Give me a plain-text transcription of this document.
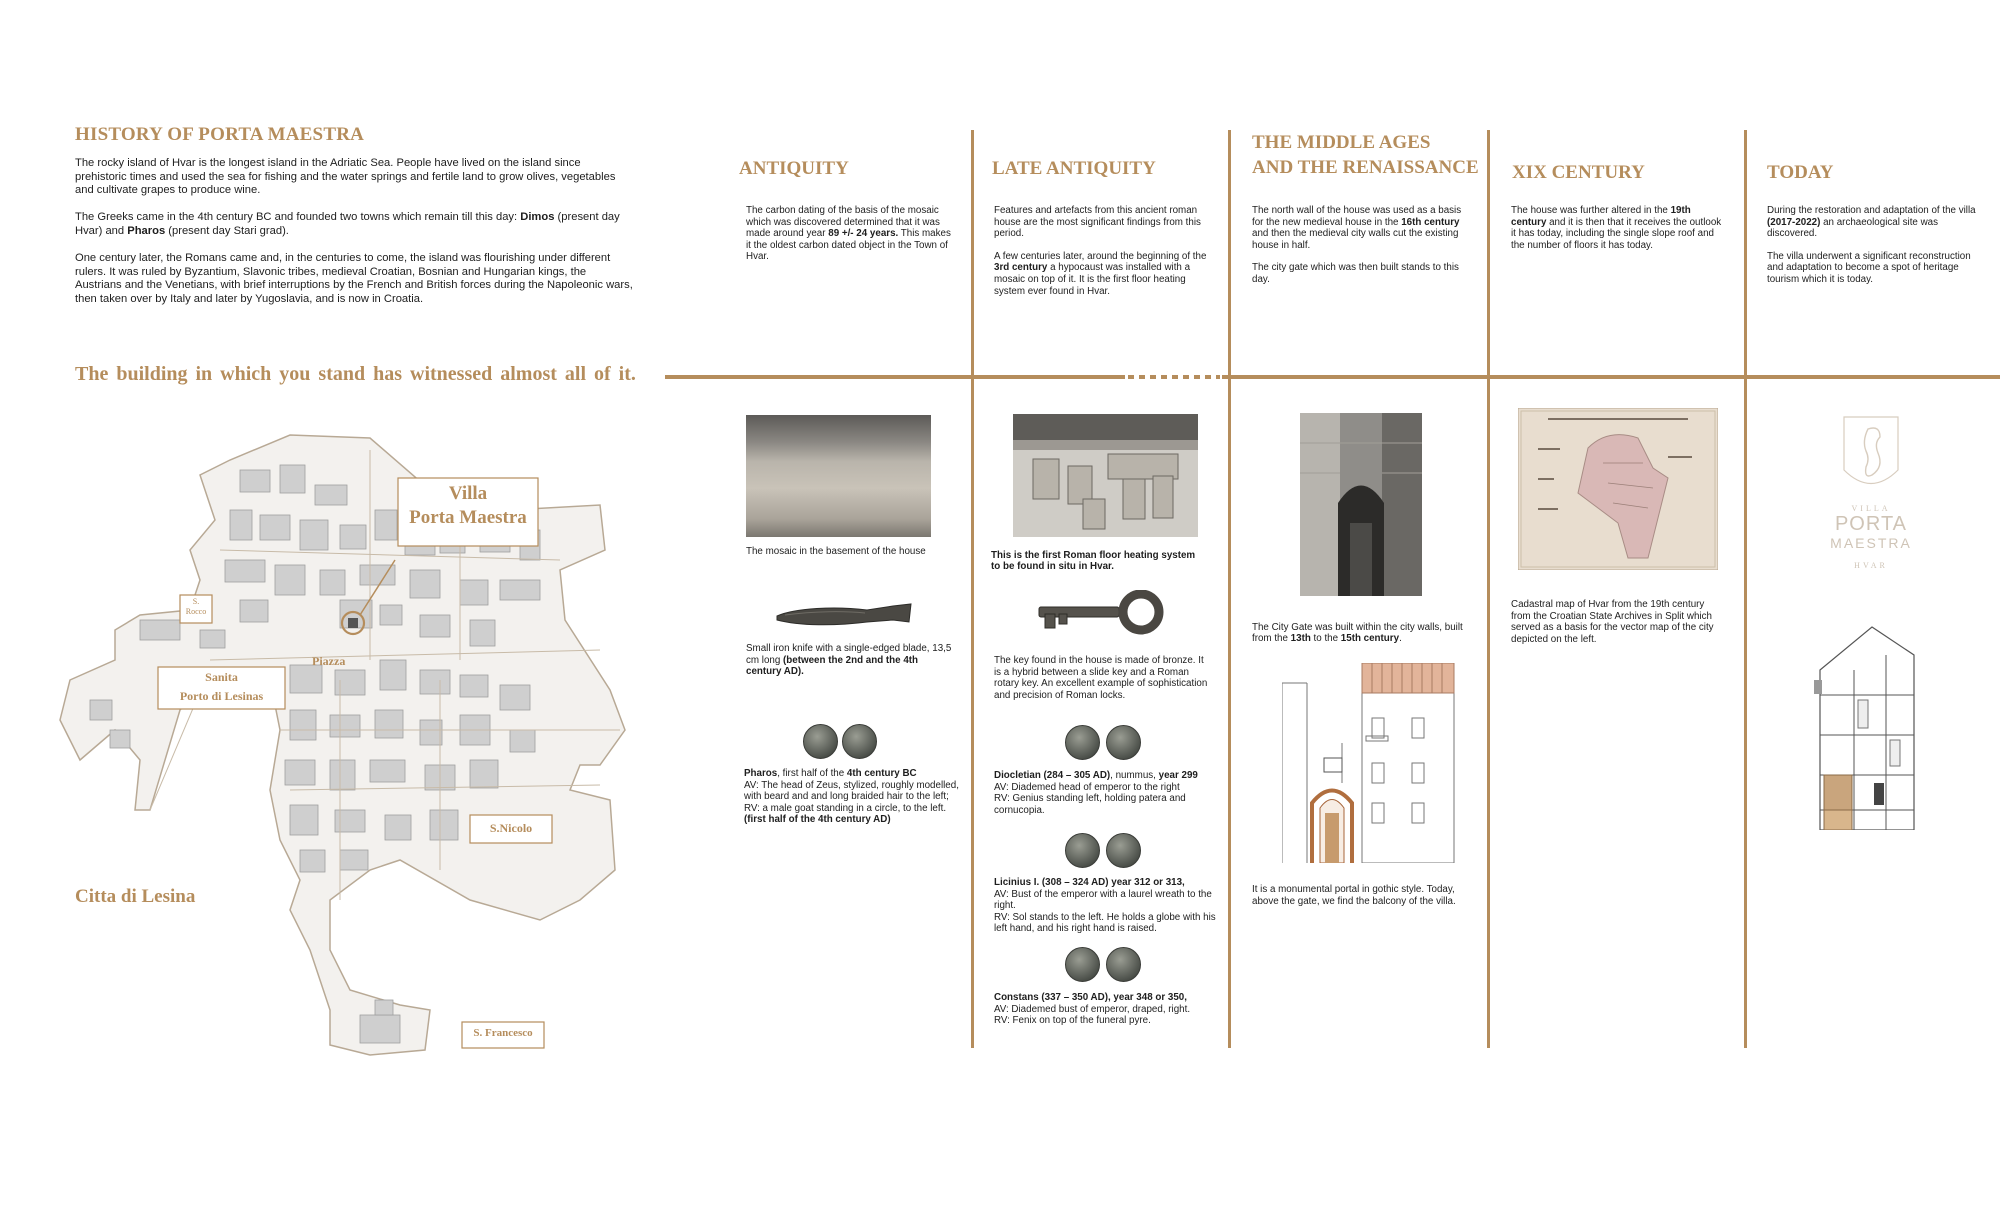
HISTORY OF PORTA MAESTRA

The rocky island of Hvar is the longest island in the Adriatic Sea. People have lived on the island since prehistoric times and used the sea for fishing and the water springs and fertile land to grow olives, vegetables and cultivate grapes to produce wine.

The Greeks came in the 4th century BC and founded two towns which remain till this day: Dimos (present day Hvar) and Pharos (present day Stari grad).

One century later, the Romans came and, in the centuries to come, the island was flourishing under different rulers. It was ruled by Byzantium, Slavonic tribes, medieval Croatian, Bosnian and Hungarian kings, the Austrians and the Venetians, with brief interruptions by the French and British forces during the Napoleonic wars, then taken over by Italy and later by Yugoslavia, and is now in Croatia.

The building in which you stand has witnessed almost all of it.
Villa
Porta Maestra
S.
Rocco
Sanita
Porto di Lesinas
Piazza
S.Nicolo
S. Francesco
Citta di Lesina
ANTIQUITY

The carbon dating of the basis of the mosaic which was discovered determined that it was made around year 89 +/- 24 years. This makes it the oldest carbon dated object in the Town of Hvar.

The mosaic in the basement of the house

Small iron knife with a single-edged blade, 13,5 cm long (between the 2nd and the 4th century AD).

Pharos, first half of the 4th century BC
AV: The head of Zeus, stylized, roughly modelled, with beard and and long braided hair to the left;
RV: a male goat standing in a circle, to the left.
(first half of the 4th century AD)
LATE ANTIQUITY

Features and artefacts from this ancient roman house are the most significant findings from this period.

A few centuries later, around the beginning of the 3rd century a hypocaust was installed with a mosaic on top of it. It is the first floor heating system ever found in Hvar.

This is the first Roman floor heating system to be found in situ in Hvar.

The key found in the house is made of bronze. It is a hybrid between a slide key and a Roman rotary key. An excellent example of sophistication and precision of Roman locks.

Diocletian (284 – 305 AD), nummus, year 299
AV: Diademed head of emperor to the right
RV: Genius standing left, holding patera and cornucopia.
Licinius I. (308 – 324 AD) year 312 or 313,
AV: Bust of the emperor with a laurel wreath to the right.
RV: Sol stands to the left. He holds a globe with his left hand, and his right hand is raised.
Constans (337 – 350 AD), year 348 or 350,
AV: Diademed bust of emperor, draped, right.
RV: Fenix on top of the funeral pyre.
THE MIDDLE AGES
AND THE RENAISSANCE

The north wall of the house was used as a basis for the new medieval house in the 16th century and then the medieval city walls cut the existing house in half.

The city gate which was then built stands to this day.

The City Gate was built within the city walls, built from the 13th to the 15th century.

It is a monumental portal in gothic style. Today, above the gate, we find the balcony of the villa.

XIX CENTURY

The house was further altered in the 19th century and it is then that it receives the outlook it has today, including the single slope roof and the number of floors it has today.

Cadastral map of Hvar from the 19th century from the Croatian State Archives in Split which served as a basis for the vector map of the city depicted on the left.

TODAY

During the restoration and adaptation of the villa (2017-2022) an archaeological site was discovered.

The villa underwent a significant reconstruction and adaptation to become a spot of heritage tourism which it is today.

VILLA
PORTA
MAESTRA
HVAR
